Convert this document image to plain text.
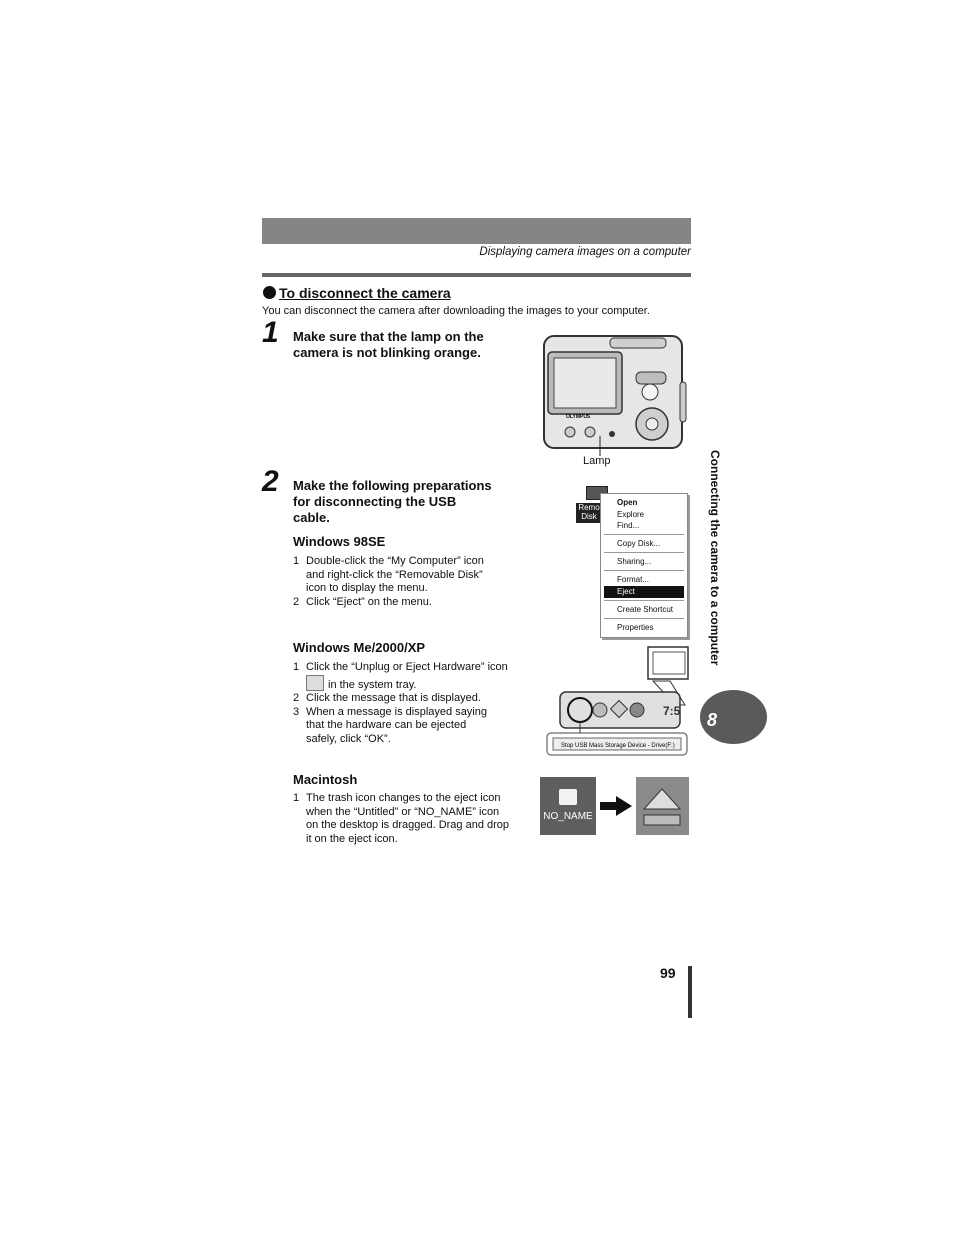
Displaying camera images on a computer
To disconnect the camera
You can disconnect the camera after downloading the images to your computer.
1 Make sure that the lamp on the
camera is not blinking orange.
OLYMPUS
Lamp
2 Make the following preparations
for disconnecting the USB
cable.
Windows 98SE
1 Double-click the “My Computer” icon
and right-click the “Removable Disk”
icon to display the menu.
2 Click “Eject” on the menu.
Remo
Disk
Open
Explore
Find...
Copy Disk...
Sharing...
Format...
Eject
Create Shortcut
Properties
Windows Me/2000/XP
1 Click the “Unplug or Eject Hardware” icon
in the system tray.
2 Click the message that is displayed.
3 When a message is displayed saying
that the hardware can be ejected
safely, click “OK”.
7:5
Stop USB Mass Storage Device - Drive(F:)
Macintosh
1 The trash icon changes to the eject icon
when the “Untitled” or “NO_NAME” icon
on the desktop is dragged. Drag and drop
it on the eject icon.
NO_NAME
Connecting the camera to a computer
8
99
